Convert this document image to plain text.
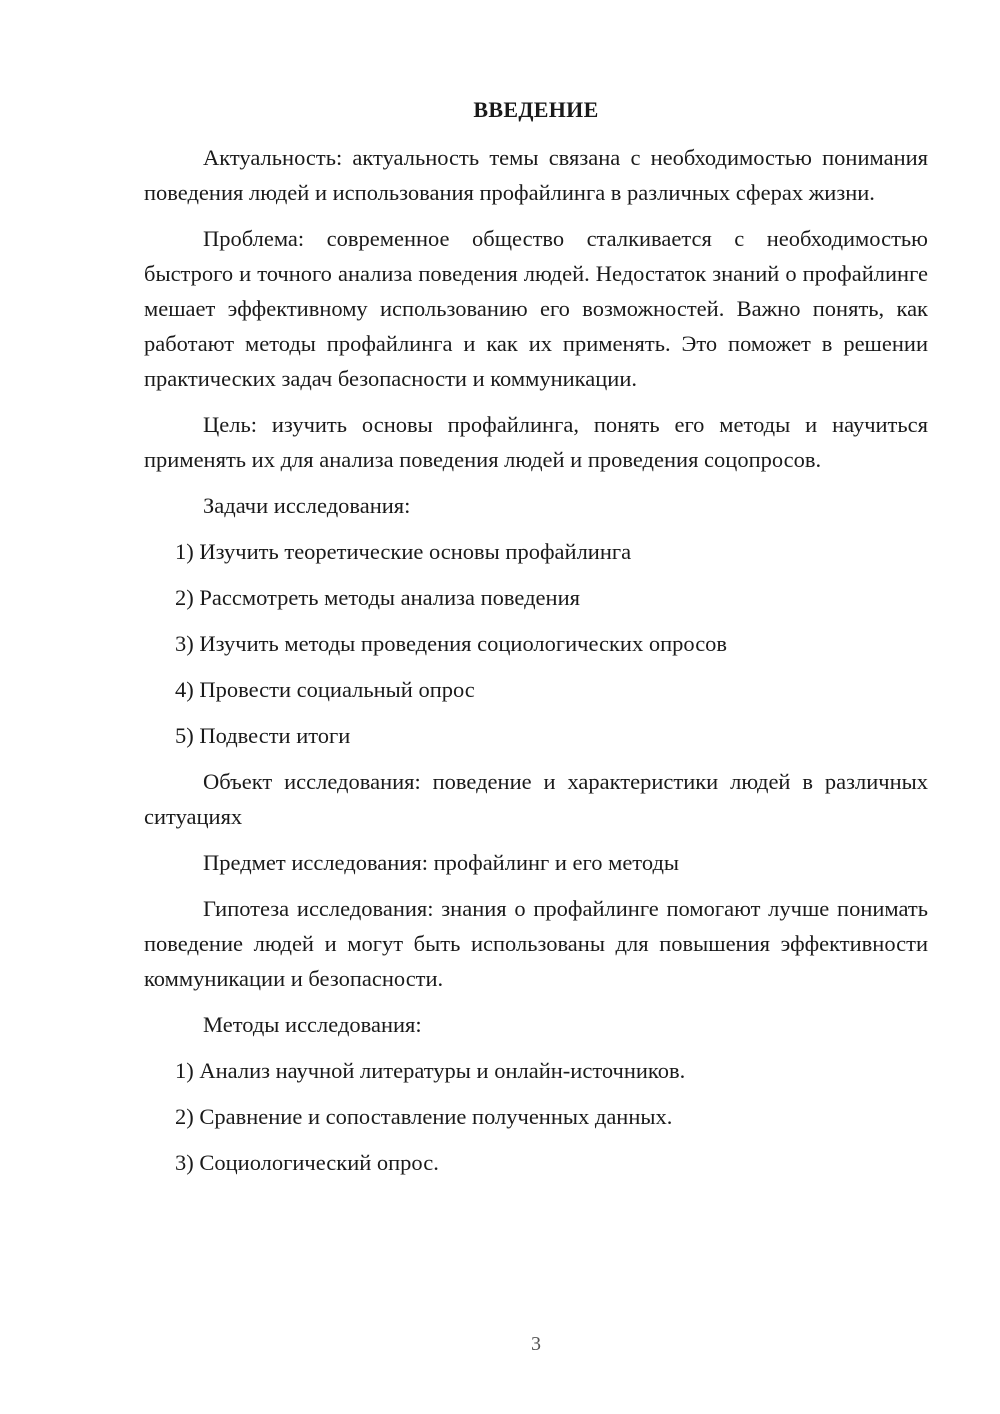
ВВЕДЕНИЕ

Актуальность: актуальность темы связана с необходимостью понимания поведения людей и использования профайлинга в различных сферах жизни.

Проблема: современное общество сталкивается с необходимостью быстрого и точного анализа поведения людей. Недостаток знаний о профайлинге мешает эффективному использованию его возможностей. Важно понять, как работают методы профайлинга и как их применять. Это поможет в решении практических задач безопасности и коммуникации.

Цель: изучить основы профайлинга, понять его методы и научиться применять их для анализа поведения людей и проведения соцопросов.

Задачи исследования:

1) Изучить теоретические основы профайлинга
2) Рассмотреть методы анализа поведения
3) Изучить методы проведения социологических опросов
4) Провести социальный опрос
5) Подвести итоги

Объект исследования: поведение и характеристики людей в различных ситуациях

Предмет исследования: профайлинг и его методы

Гипотеза исследования: знания о профайлинге помогают лучше понимать поведение людей и могут быть использованы для повышения эффективности коммуникации и безопасности.

Методы исследования:

1) Анализ научной литературы и онлайн-источников.
2) Сравнение и сопоставление полученных данных.
3) Социологический опрос.
3
